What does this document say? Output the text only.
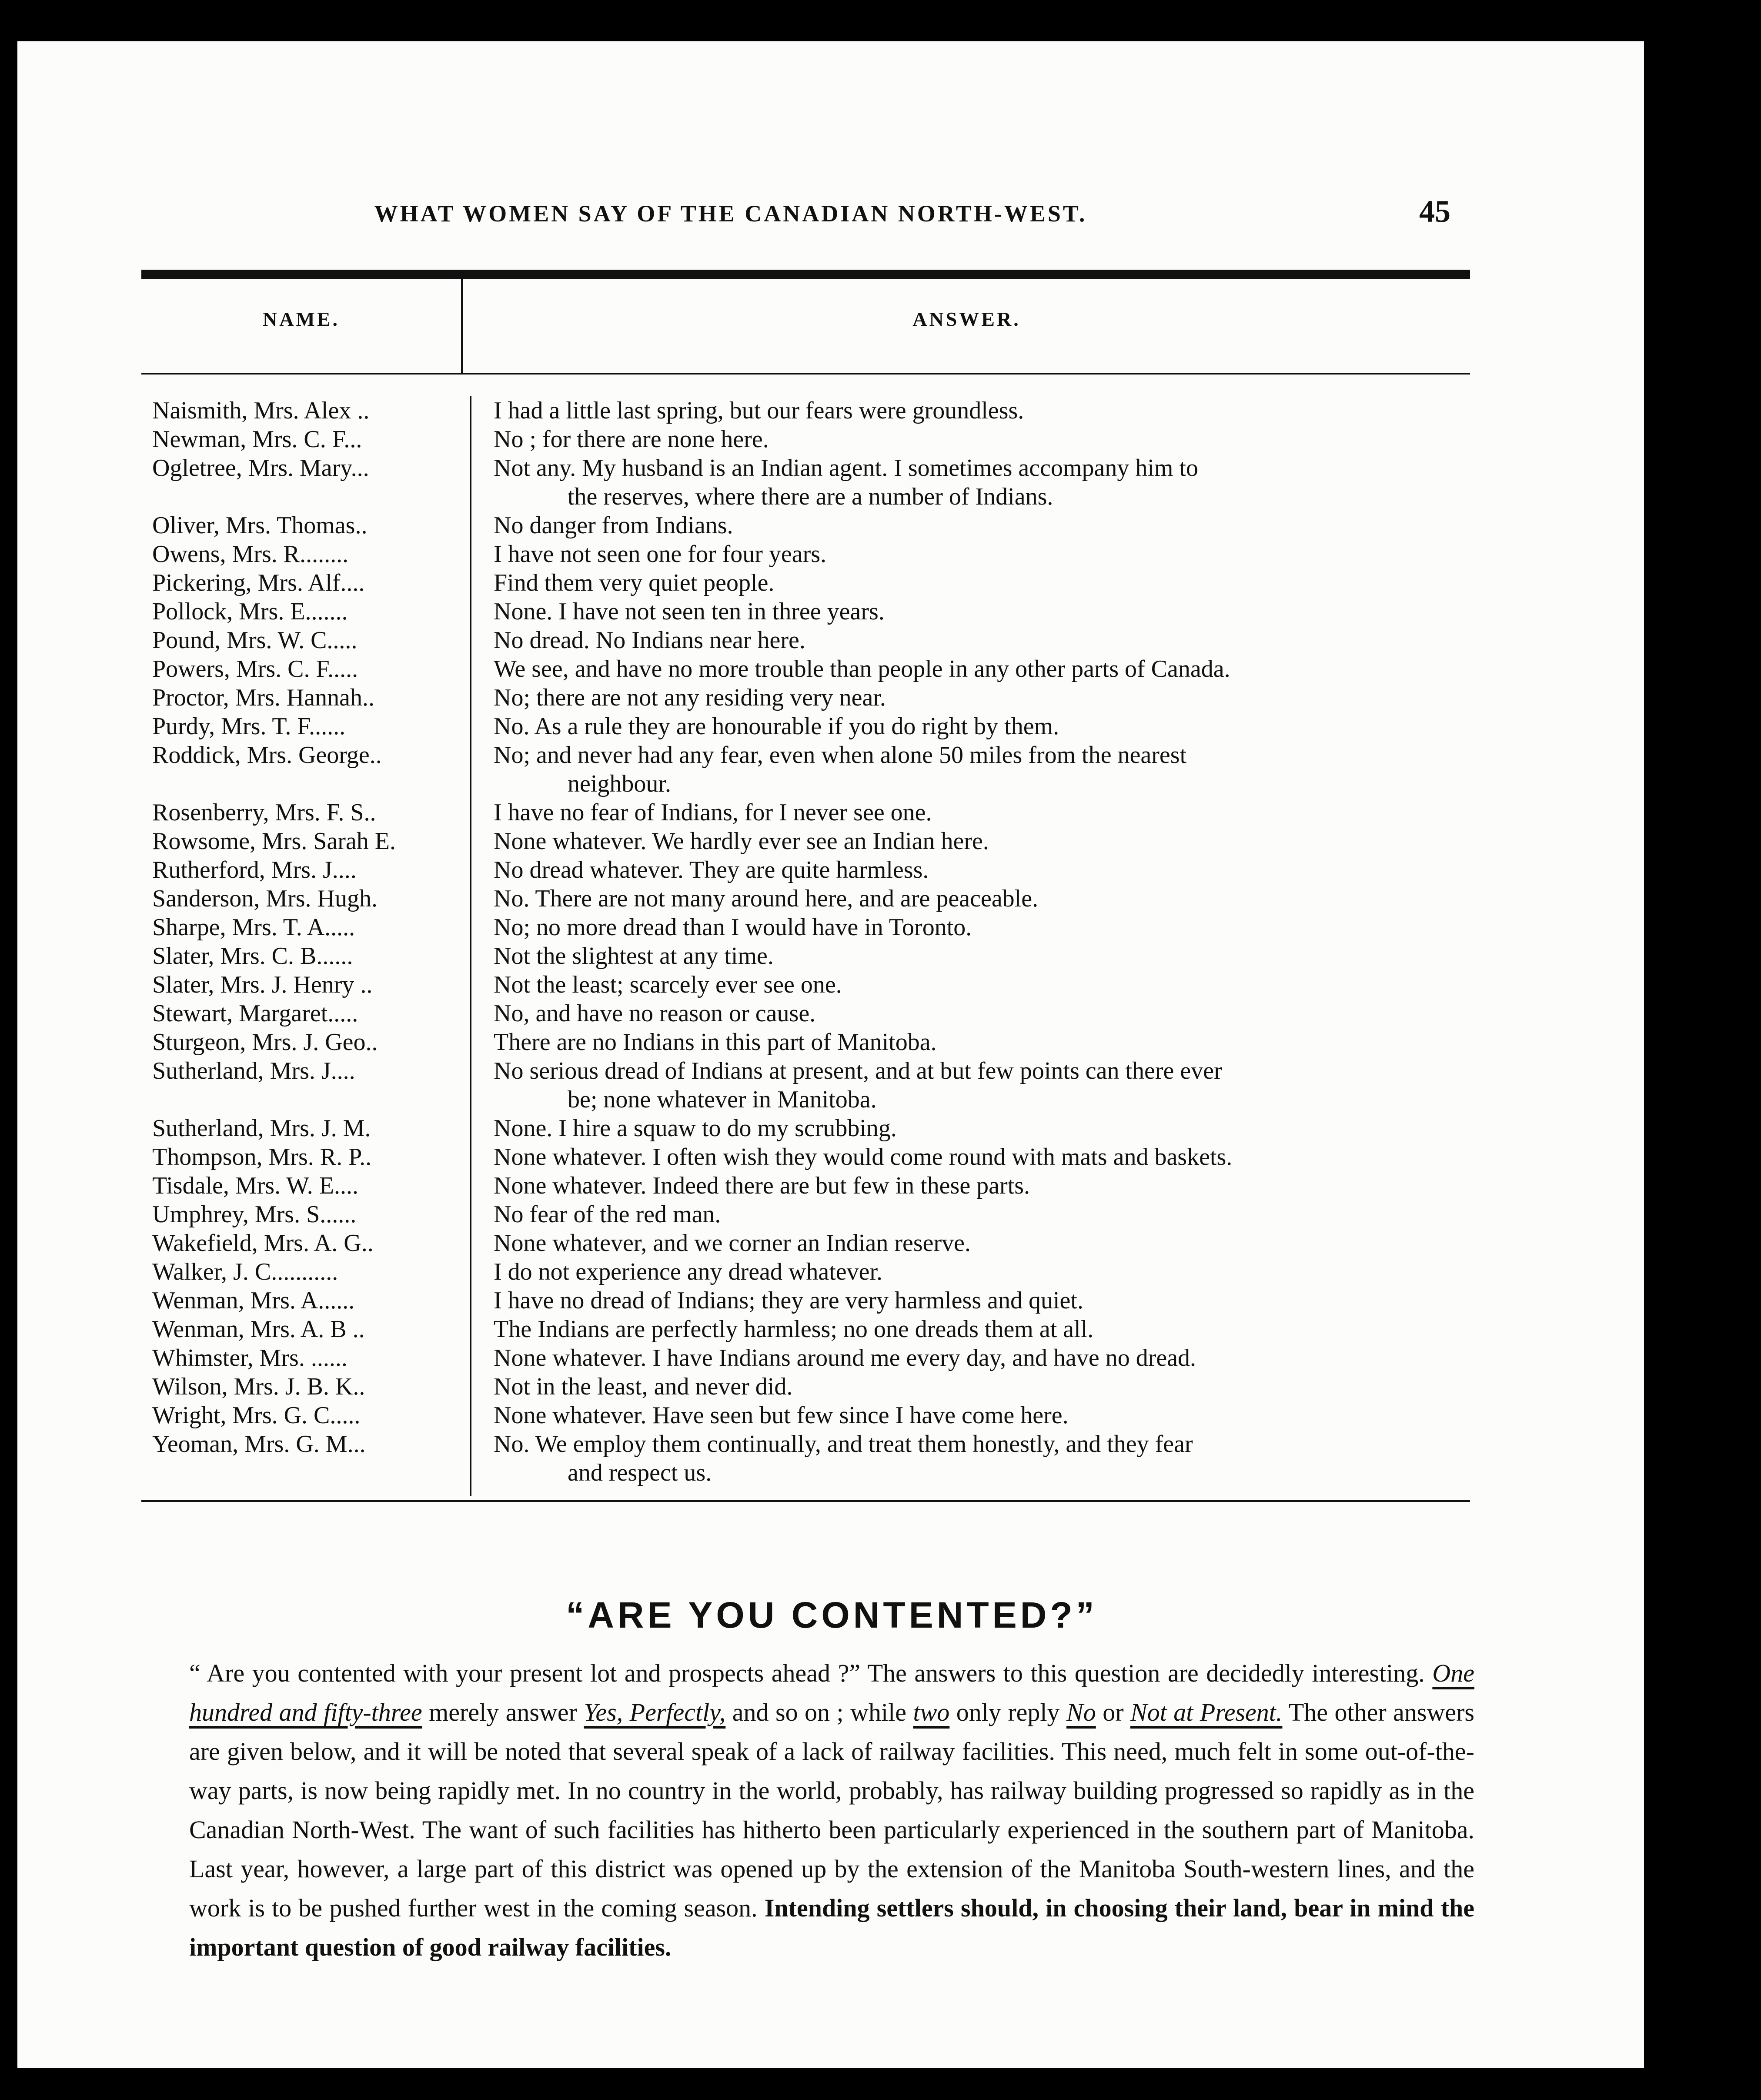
WHAT WOMEN SAY OF THE CANADIAN NORTH-WEST.	45
NAME.	ANSWER.
Naismith, Mrs. Alex ..	I had a little last spring, but our fears were groundless.
Newman, Mrs. C. F...	No ; for there are none here.
Ogletree, Mrs. Mary...	Not any. My husband is an Indian agent. I sometimes accompany him to
the reserves, where there are a number of Indians.
Oliver, Mrs. Thomas..	No danger from Indians.
Owens, Mrs. R........	I have not seen one for four years.
Pickering, Mrs. Alf....	Find them very quiet people.
Pollock, Mrs. E.......	None. I have not seen ten in three years.
Pound, Mrs. W. C.....	No dread. No Indians near here.
Powers, Mrs. C. F.....	We see, and have no more trouble than people in any other parts of Canada.
Proctor, Mrs. Hannah..	No; there are not any residing very near.
Purdy, Mrs. T. F......	No. As a rule they are honourable if you do right by them.
Roddick, Mrs. George..	No; and never had any fear, even when alone 50 miles from the nearest
neighbour.
Rosenberry, Mrs. F. S..	I have no fear of Indians, for I never see one.
Rowsome, Mrs. Sarah E.	None whatever. We hardly ever see an Indian here.
Rutherford, Mrs. J....	No dread whatever. They are quite harmless.
Sanderson, Mrs. Hugh.	No. There are not many around here, and are peaceable.
Sharpe, Mrs. T. A.....	No; no more dread than I would have in Toronto.
Slater, Mrs. C. B......	Not the slightest at any time.
Slater, Mrs. J. Henry ..	Not the least; scarcely ever see one.
Stewart, Margaret.....	No, and have no reason or cause.
Sturgeon, Mrs. J. Geo..	There are no Indians in this part of Manitoba.
Sutherland, Mrs. J....	No serious dread of Indians at present, and at but few points can there ever
be; none whatever in Manitoba.
Sutherland, Mrs. J. M.	None. I hire a squaw to do my scrubbing.
Thompson, Mrs. R. P..	None whatever. I often wish they would come round with mats and baskets.
Tisdale, Mrs. W. E....	None whatever. Indeed there are but few in these parts.
Umphrey, Mrs. S......	No fear of the red man.
Wakefield, Mrs. A. G..	None whatever, and we corner an Indian reserve.
Walker, J. C...........	I do not experience any dread whatever.
Wenman, Mrs. A......	I have no dread of Indians; they are very harmless and quiet.
Wenman, Mrs. A. B ..	The Indians are perfectly harmless; no one dreads them at all.
Whimster, Mrs. ......	None whatever. I have Indians around me every day, and have no dread.
Wilson, Mrs. J. B. K..	Not in the least, and never did.
Wright, Mrs. G. C.....	None whatever. Have seen but few since I have come here.
Yeoman, Mrs. G. M...	No. We employ them continually, and treat them honestly, and they fear
and respect us.
“ARE YOU CONTENTED?”
“ Are you contented with your present lot and prospects ahead ?” The answers to this question are decidedly interesting. One hundred and fifty-three merely answer Yes, Perfectly, and so on ; while two only reply No or Not at Present. The other answers are given below, and it will be noted that several speak of a lack of railway facilities. This need, much felt in some out-of-the-way parts, is now being rapidly met. In no country in the world, probably, has railway building progressed so rapidly as in the Canadian North-West. The want of such facilities has hitherto been particularly experienced in the southern part of Manitoba. Last year, however, a large part of this district was opened up by the extension of the Manitoba South-western lines, and the work is to be pushed further west in the coming season. Intending settlers should, in choosing their land, bear in mind the important question of good railway facilities.
